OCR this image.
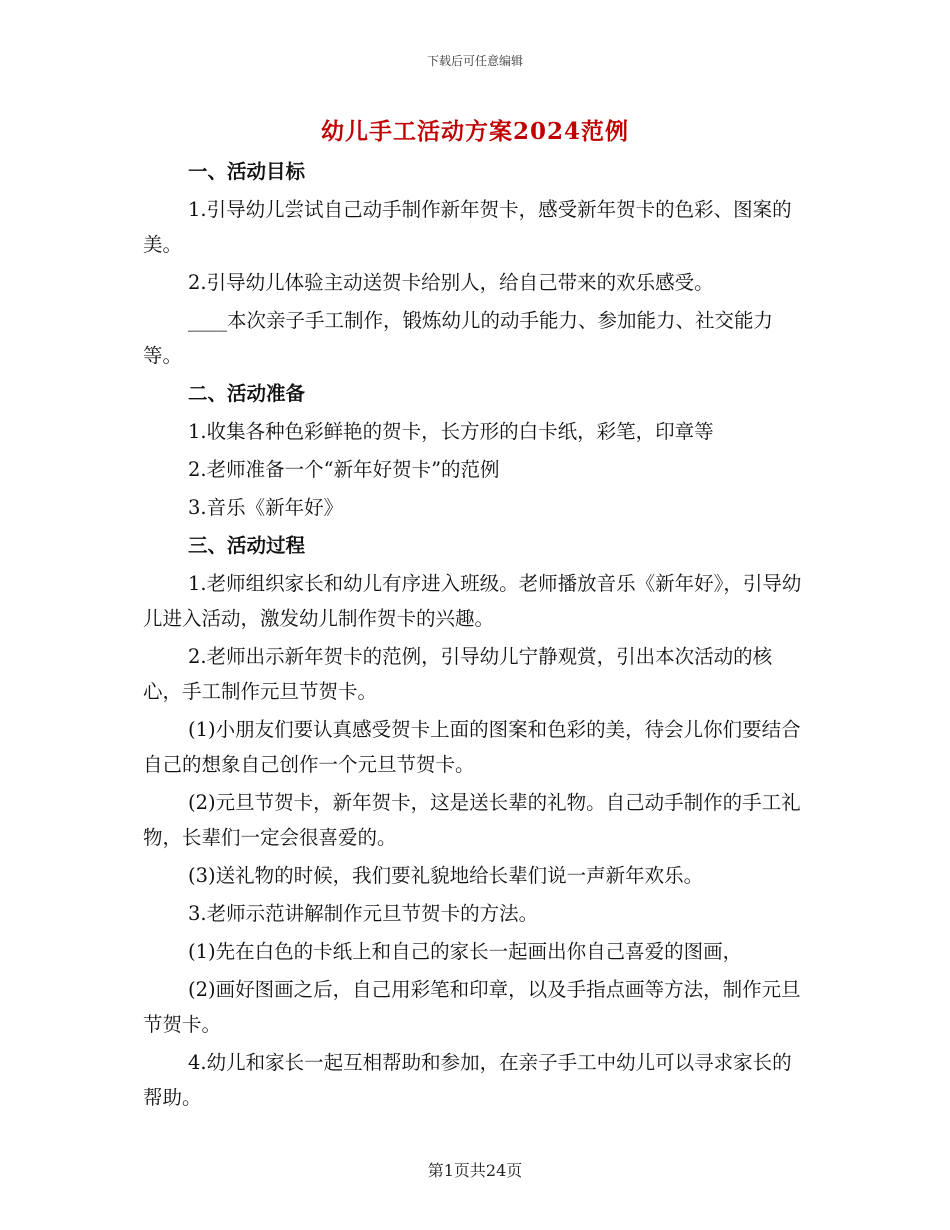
下载后可任意编辑
幼儿手工活动方案2024范例
一、活动目标

1.引导幼儿尝试自己动手制作新年贺卡，感受新年贺卡的色彩、图案的美。

2.引导幼儿体验主动送贺卡给别人，给自己带来的欢乐感受。

____本次亲子手工制作，锻炼幼儿的动手能力、参加能力、社交能力等。

二、活动准备

1.收集各种色彩鲜艳的贺卡，长方形的白卡纸，彩笔，印章等

2.老师准备一个“新年好贺卡”的范例

3.音乐《新年好》

三、活动过程

1.老师组织家长和幼儿有序进入班级。老师播放音乐《新年好》，引导幼儿进入活动，激发幼儿制作贺卡的兴趣。

2.老师出示新年贺卡的范例，引导幼儿宁静观赏，引出本次活动的核心，手工制作元旦节贺卡。

(1)小朋友们要认真感受贺卡上面的图案和色彩的美，待会儿你们要结合自己的想象自己创作一个元旦节贺卡。

(2)元旦节贺卡，新年贺卡，这是送长辈的礼物。自己动手制作的手工礼物，长辈们一定会很喜爱的。

(3)送礼物的时候，我们要礼貌地给长辈们说一声新年欢乐。

3.老师示范讲解制作元旦节贺卡的方法。

(1)先在白色的卡纸上和自己的家长一起画出你自己喜爱的图画，

(2)画好图画之后，自己用彩笔和印章，以及手指点画等方法，制作元旦节贺卡。

4.幼儿和家长一起互相帮助和参加，在亲子手工中幼儿可以寻求家长的帮助。

第1页共24页
